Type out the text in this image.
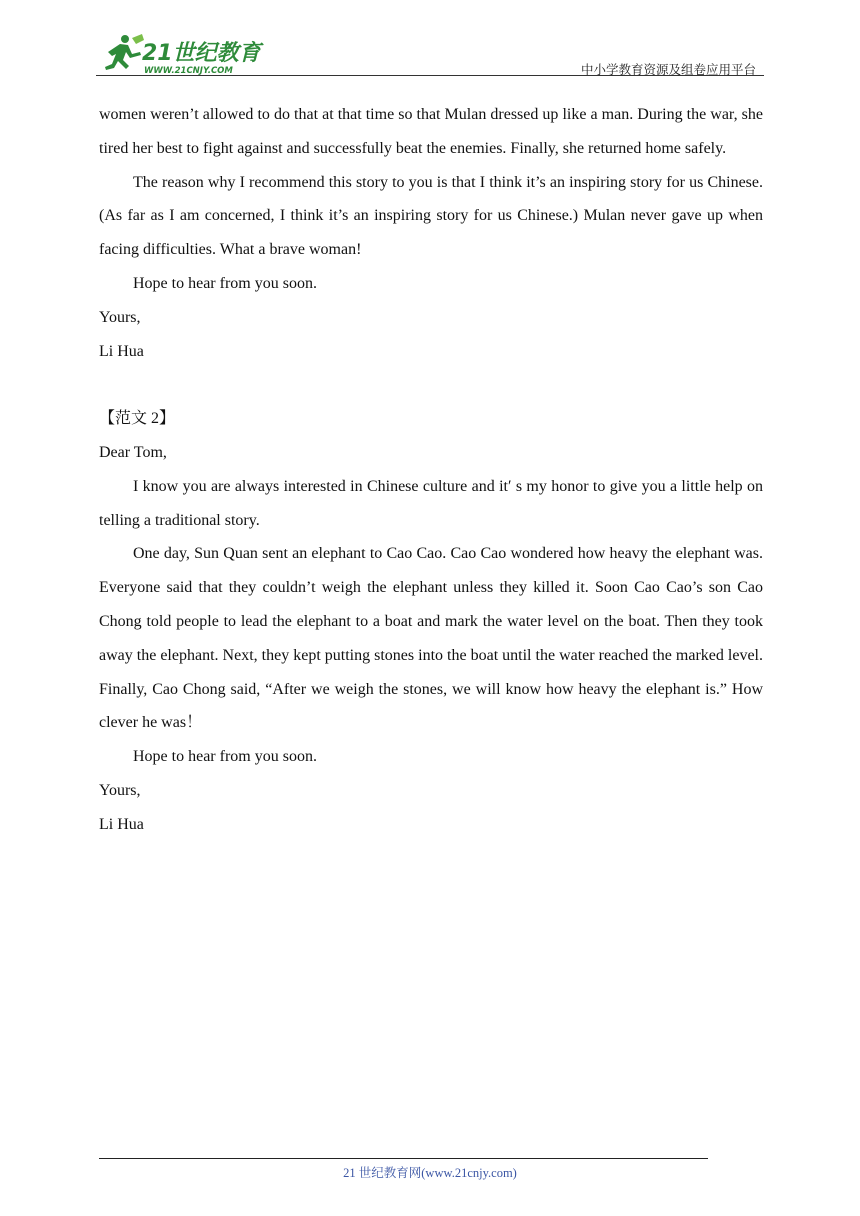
21世纪教育
WWW.21CNJY.COM	中小学教育资源及组卷应用平台

women weren’t allowed to do that at that time so that Mulan dressed up like a man. During the war, she tired her best to fight against and successfully beat the enemies. Finally, she returned home safely.

The reason why I recommend this story to you is that I think it’s an inspiring story for us Chinese. (As far as I am concerned, I think it’s an inspiring story for us Chinese.) Mulan never gave up when facing difficulties. What a brave woman!

Hope to hear from you soon.

Yours,

Li Hua

【范文 2】

Dear Tom,

I know you are always interested in Chinese culture and it′ s my honor to give you a little help on telling a traditional story.

One day, Sun Quan sent an elephant to Cao Cao. Cao Cao wondered how heavy the elephant was. Everyone said that they couldn’t weigh the elephant unless they killed it. Soon Cao Cao’s son Cao Chong told people to lead the elephant to a boat and mark the water level on the boat. Then they took away the elephant. Next, they kept putting stones into the boat until the water reached the marked level. Finally, Cao Chong said, “After we weigh the stones, we will know how heavy the elephant is.” How clever he was！

Hope to hear from you soon.

Yours,

Li Hua

21 世纪教育网(www.21cnjy.com)
